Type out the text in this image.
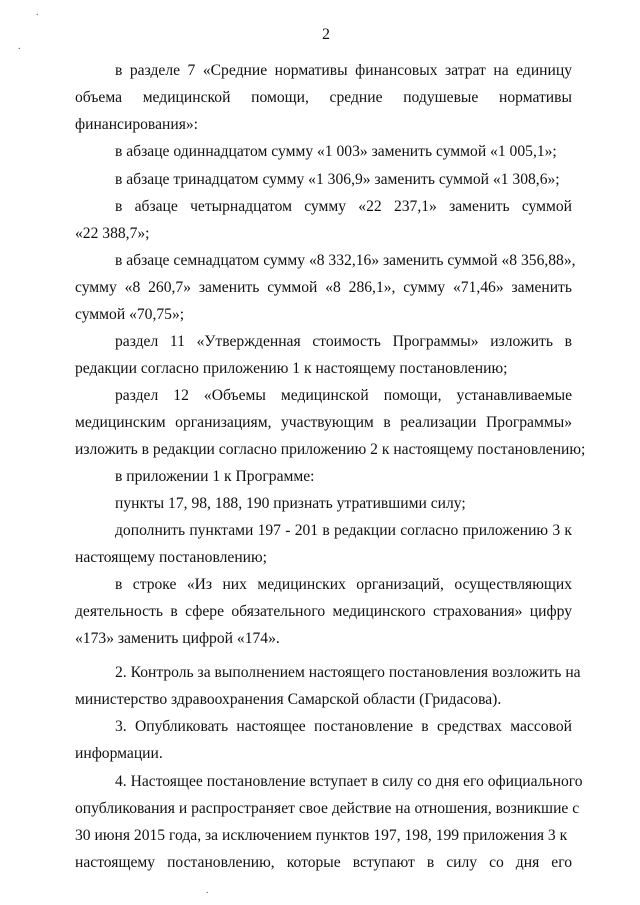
.
.
.
2
в разделе 7 «Средние нормативы финансовых затрат на единицу
объема медицинской помощи, средние подушевые нормативы
финансирования»:
в абзаце одиннадцатом сумму «1 003» заменить суммой «1 005,1»;
в абзаце тринадцатом сумму «1 306,9» заменить суммой «1 308,6»;
в абзаце четырнадцатом сумму «22 237,1» заменить суммой
«22 388,7»;
в абзаце семнадцатом сумму «8 332,16» заменить суммой «8 356,88»,
сумму «8 260,7» заменить суммой «8 286,1», сумму «71,46» заменить
суммой «70,75»;
раздел 11 «Утвержденная стоимость Программы» изложить в
редакции согласно приложению 1 к настоящему постановлению;
раздел 12 «Объемы медицинской помощи, устанавливаемые
медицинским организациям, участвующим в реализации Программы»
изложить в редакции согласно приложению 2 к настоящему постановлению;
в приложении 1 к Программе:
пункты 17, 98, 188, 190 признать утратившими силу;
дополнить пунктами 197 - 201 в редакции согласно приложению 3 к
настоящему постановлению;
в строке «Из них медицинских организаций, осуществляющих
деятельность в сфере обязательного медицинского страхования» цифру
«173» заменить цифрой «174».
2. Контроль за выполнением настоящего постановления возложить на
министерство здравоохранения Самарской области (Гридасова).
3. Опубликовать настоящее постановление в средствах массовой
информации.
4. Настоящее постановление вступает в силу со дня его официального
опубликования и распространяет свое действие на отношения, возникшие с
30 июня 2015 года, за исключением пунктов 197, 198, 199 приложения 3 к
настоящему постановлению, которые вступают в силу со дня его
